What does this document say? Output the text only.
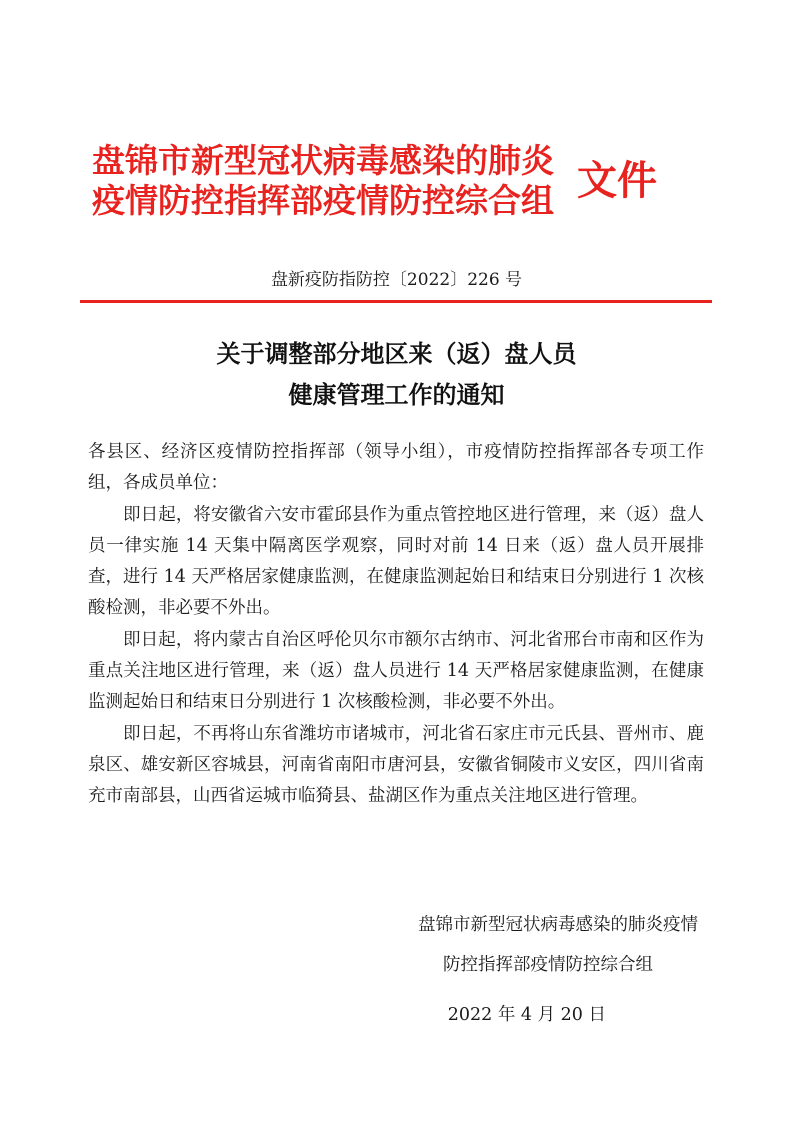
盘锦市新型冠状病毒感染的肺炎
疫情防控指挥部疫情防控综合组 文件
盘新疫防指防控〔2022〕226 号
关于调整部分地区来（返）盘人员
健康管理工作的通知

各县区、经济区疫情防控指挥部（领导小组），市疫情防控指挥部各专项工作组，各成员单位：

即日起，将安徽省六安市霍邱县作为重点管控地区进行管理，来（返）盘人员一律实施 14 天集中隔离医学观察，同时对前 14 日来（返）盘人员开展排查，进行 14 天严格居家健康监测，在健康监测起始日和结束日分别进行 1 次核酸检测，非必要不外出。

即日起，将内蒙古自治区呼伦贝尔市额尔古纳市、河北省邢台市南和区作为重点关注地区进行管理，来（返）盘人员进行 14 天严格居家健康监测，在健康监测起始日和结束日分别进行 1 次核酸检测，非必要不外出。

即日起，不再将山东省潍坊市诸城市，河北省石家庄市元氏县、晋州市、鹿泉区、雄安新区容城县，河南省南阳市唐河县，安徽省铜陵市义安区，四川省南充市南部县，山西省运城市临猗县、盐湖区作为重点关注地区进行管理。

盘锦市新型冠状病毒感染的肺炎疫情
防控指挥部疫情防控综合组
2022 年 4 月 20 日
